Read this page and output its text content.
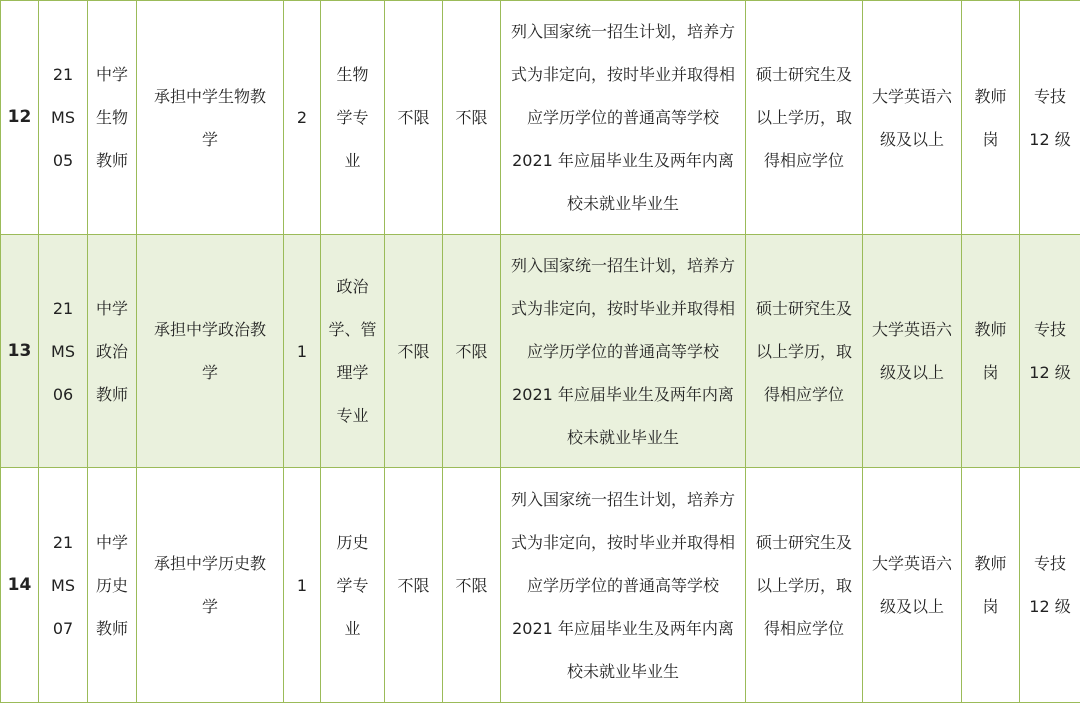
12	21
MS
05	中学
生物
教师	承担中学生物教
学	2	生物
学专
业	不限	不限	列入国家统一招生计划，培养方
式为非定向，按时毕业并取得相
应学历学位的普通高等学校
2021 年应届毕业生及两年内离
校未就业毕业生	硕士研究生及
以上学历，取
得相应学位	大学英语六
级及以上	教师
岗	专技
12 级

13	21
MS
06	中学
政治
教师	承担中学政治教
学	1	政治
学、管
理学
专业	不限	不限	列入国家统一招生计划，培养方
式为非定向，按时毕业并取得相
应学历学位的普通高等学校
2021 年应届毕业生及两年内离
校未就业毕业生	硕士研究生及
以上学历，取
得相应学位	大学英语六
级及以上	教师
岗	专技
12 级

14	21
MS
07	中学
历史
教师	承担中学历史教
学	1	历史
学专
业	不限	不限	列入国家统一招生计划，培养方
式为非定向，按时毕业并取得相
应学历学位的普通高等学校
2021 年应届毕业生及两年内离
校未就业毕业生	硕士研究生及
以上学历，取
得相应学位	大学英语六
级及以上	教师
岗	专技
12 级
